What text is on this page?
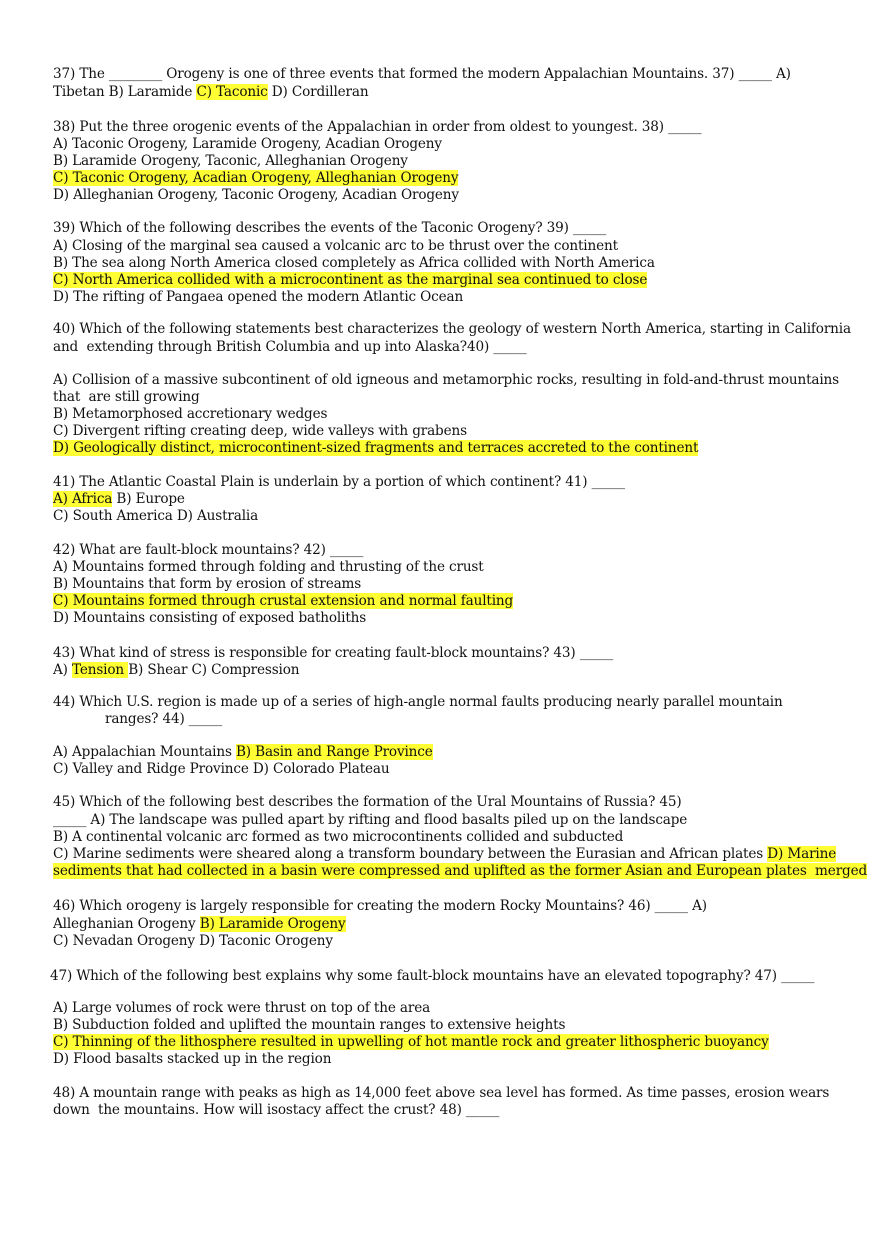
37) The ________ Orogeny is one of three events that formed the modern Appalachian Mountains. 37) _____ A)
Tibetan B) Laramide C) Taconic D) Cordilleran
38) Put the three orogenic events of the Appalachian in order from oldest to youngest. 38) _____
A) Taconic Orogeny, Laramide Orogeny, Acadian Orogeny
B) Laramide Orogeny, Taconic, Alleghanian Orogeny
C) Taconic Orogeny, Acadian Orogeny, Alleghanian Orogeny
D) Alleghanian Orogeny, Taconic Orogeny, Acadian Orogeny
39) Which of the following describes the events of the Taconic Orogeny? 39) _____
A) Closing of the marginal sea caused a volcanic arc to be thrust over the continent
B) The sea along North America closed completely as Africa collided with North America
C) North America collided with a microcontinent as the marginal sea continued to close
D) The rifting of Pangaea opened the modern Atlantic Ocean
40) Which of the following statements best characterizes the geology of western North America, starting in California
and  extending through British Columbia and up into Alaska?40) _____
A) Collision of a massive subcontinent of old igneous and metamorphic rocks, resulting in fold-and-thrust mountains
that  are still growing
B) Metamorphosed accretionary wedges
C) Divergent rifting creating deep, wide valleys with grabens
D) Geologically distinct, microcontinent-sized fragments and terraces accreted to the continent
41) The Atlantic Coastal Plain is underlain by a portion of which continent? 41) _____
A) Africa B) Europe
C) South America D) Australia
42) What are fault-block mountains? 42) _____
A) Mountains formed through folding and thrusting of the crust
B) Mountains that form by erosion of streams
C) Mountains formed through crustal extension and normal faulting
D) Mountains consisting of exposed batholiths
43) What kind of stress is responsible for creating fault-block mountains? 43) _____
A) Tension B) Shear C) Compression
44) Which U.S. region is made up of a series of high-angle normal faults producing nearly parallel mountain
ranges? 44) _____
A) Appalachian Mountains B) Basin and Range Province
C) Valley and Ridge Province D) Colorado Plateau
45) Which of the following best describes the formation of the Ural Mountains of Russia? 45)
_____ A) The landscape was pulled apart by rifting and flood basalts piled up on the landscape
B) A continental volcanic arc formed as two microcontinents collided and subducted
C) Marine sediments were sheared along a transform boundary between the Eurasian and African plates D) Marine
sediments that had collected in a basin were compressed and uplifted as the former Asian and European plates  merged
46) Which orogeny is largely responsible for creating the modern Rocky Mountains? 46) _____ A)
Alleghanian Orogeny B) Laramide Orogeny
C) Nevadan Orogeny D) Taconic Orogeny
47) Which of the following best explains why some fault-block mountains have an elevated topography? 47) _____
A) Large volumes of rock were thrust on top of the area
B) Subduction folded and uplifted the mountain ranges to extensive heights
C) Thinning of the lithosphere resulted in upwelling of hot mantle rock and greater lithospheric buoyancy
D) Flood basalts stacked up in the region
48) A mountain range with peaks as high as 14,000 feet above sea level has formed. As time passes, erosion wears
down  the mountains. How will isostacy affect the crust? 48) _____
